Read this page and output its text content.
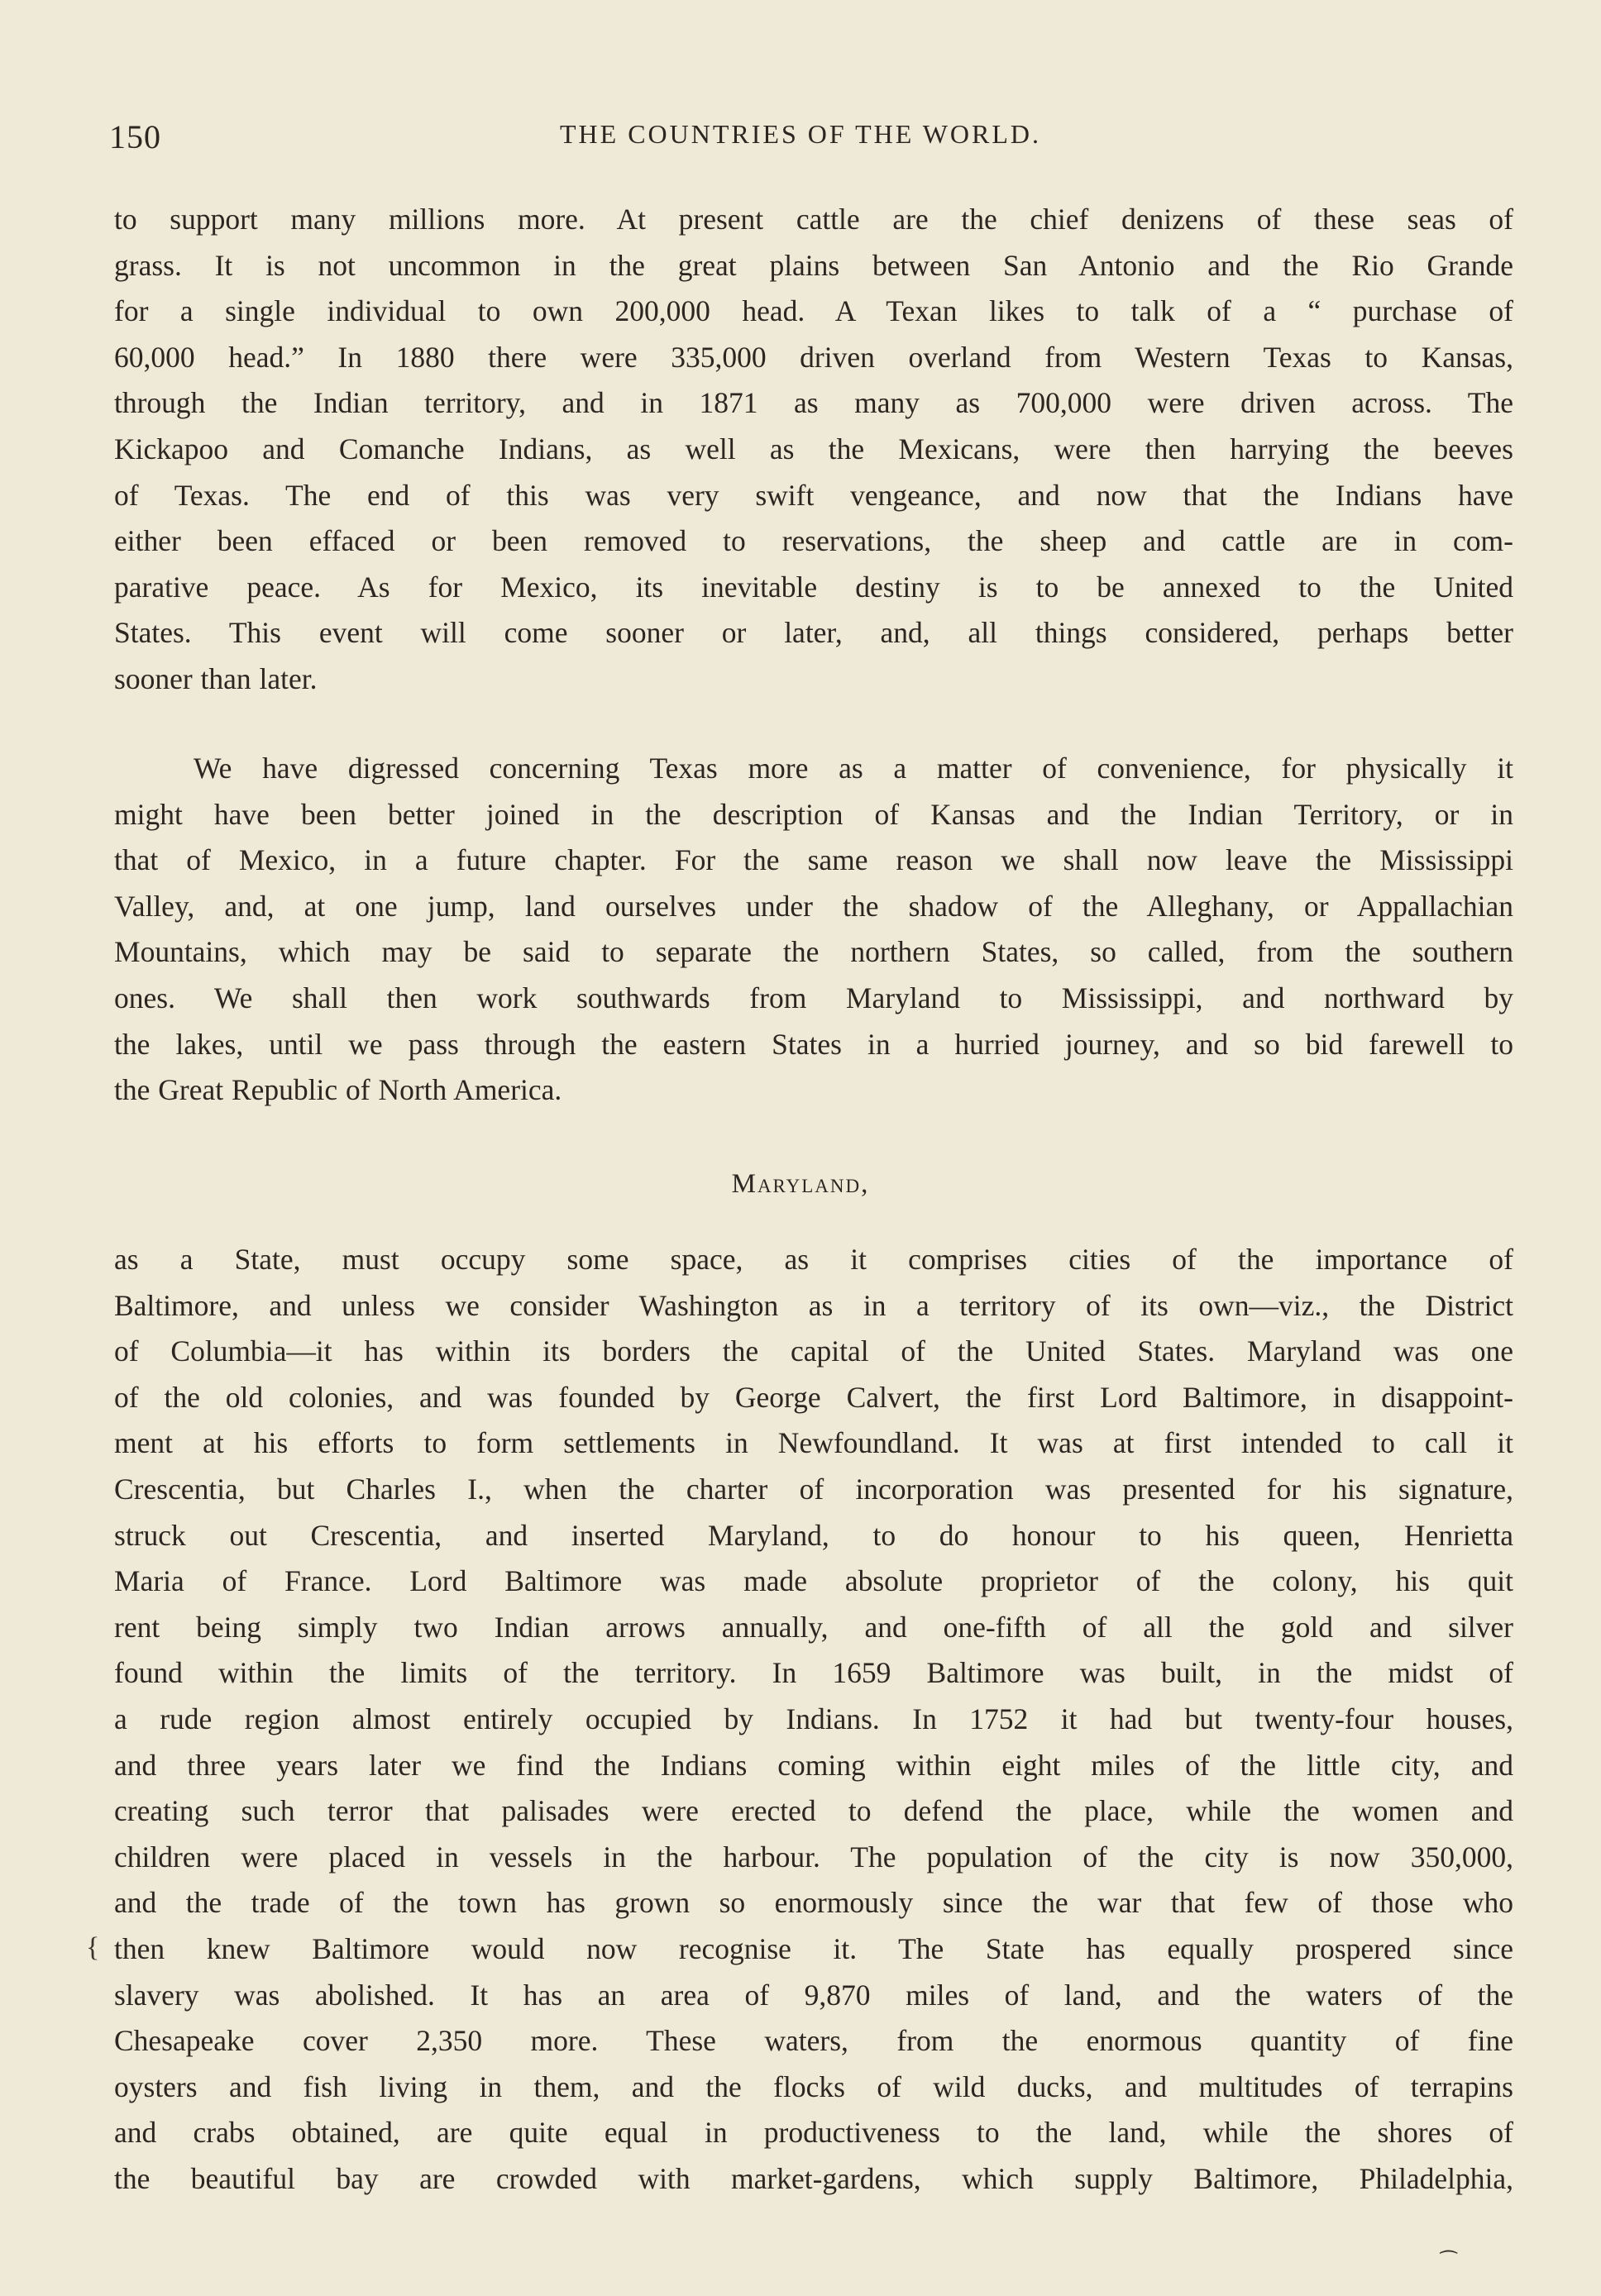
150	THE COUNTRIES OF THE WORLD.

to support many millions more. At present cattle are the chief denizens of these seas of
grass. It is not uncommon in the great plains between San Antonio and the Rio Grande
for a single individual to own 200,000 head. A Texan likes to talk of a “ purchase of
60,000 head.” In 1880 there were 335,000 driven overland from Western Texas to Kansas,
through the Indian territory, and in 1871 as many as 700,000 were driven across. The
Kickapoo and Comanche Indians, as well as the Mexicans, were then harrying the beeves
of Texas. The end of this was very swift vengeance, and now that the Indians have
either been effaced or been removed to reservations, the sheep and cattle are in com-
parative peace. As for Mexico, its inevitable destiny is to be annexed to the United
States. This event will come sooner or later, and, all things considered, perhaps better
sooner than later.

We have digressed concerning Texas more as a matter of convenience, for physically it
might have been better joined in the description of Kansas and the Indian Territory, or in
that of Mexico, in a future chapter. For the same reason we shall now leave the Mississippi
Valley, and, at one jump, land ourselves under the shadow of the Alleghany, or Appallachian
Mountains, which may be said to separate the northern States, so called, from the southern
ones. We shall then work southwards from Maryland to Mississippi, and northward by
the lakes, until we pass through the eastern States in a hurried journey, and so bid farewell to
the Great Republic of North America.

Maryland,

as a State, must occupy some space, as it comprises cities of the importance of
Baltimore, and unless we consider Washington as in a territory of its own—viz., the District
of Columbia—it has within its borders the capital of the United States. Maryland was one
of the old colonies, and was founded by George Calvert, the first Lord Baltimore, in disappoint-
ment at his efforts to form settlements in Newfoundland. It was at first intended to call it
Crescentia, but Charles I., when the charter of incorporation was presented for his signature,
struck out Crescentia, and inserted Maryland, to do honour to his queen, Henrietta
Maria of France. Lord Baltimore was made absolute proprietor of the colony, his quit
rent being simply two Indian arrows annually, and one-fifth of all the gold and silver
found within the limits of the territory. In 1659 Baltimore was built, in the midst of
a rude region almost entirely occupied by Indians. In 1752 it had but twenty-four houses,
and three years later we find the Indians coming within eight miles of the little city, and
creating such terror that palisades were erected to defend the place, while the women and
children were placed in vessels in the harbour. The population of the city is now 350,000,
and the trade of the town has grown so enormously since the war that few of those who
then knew Baltimore would now recognise it. The State has equally prospered since
slavery was abolished. It has an area of 9,870 miles of land, and the waters of the
Chesapeake cover 2,350 more. These waters, from the enormous quantity of fine
oysters and fish living in them, and the flocks of wild ducks, and multitudes of terrapins
and crabs obtained, are quite equal in productiveness to the land, while the shores of
the beautiful bay are crowded with market-gardens, which supply Baltimore, Philadelphia,

{
⁀
